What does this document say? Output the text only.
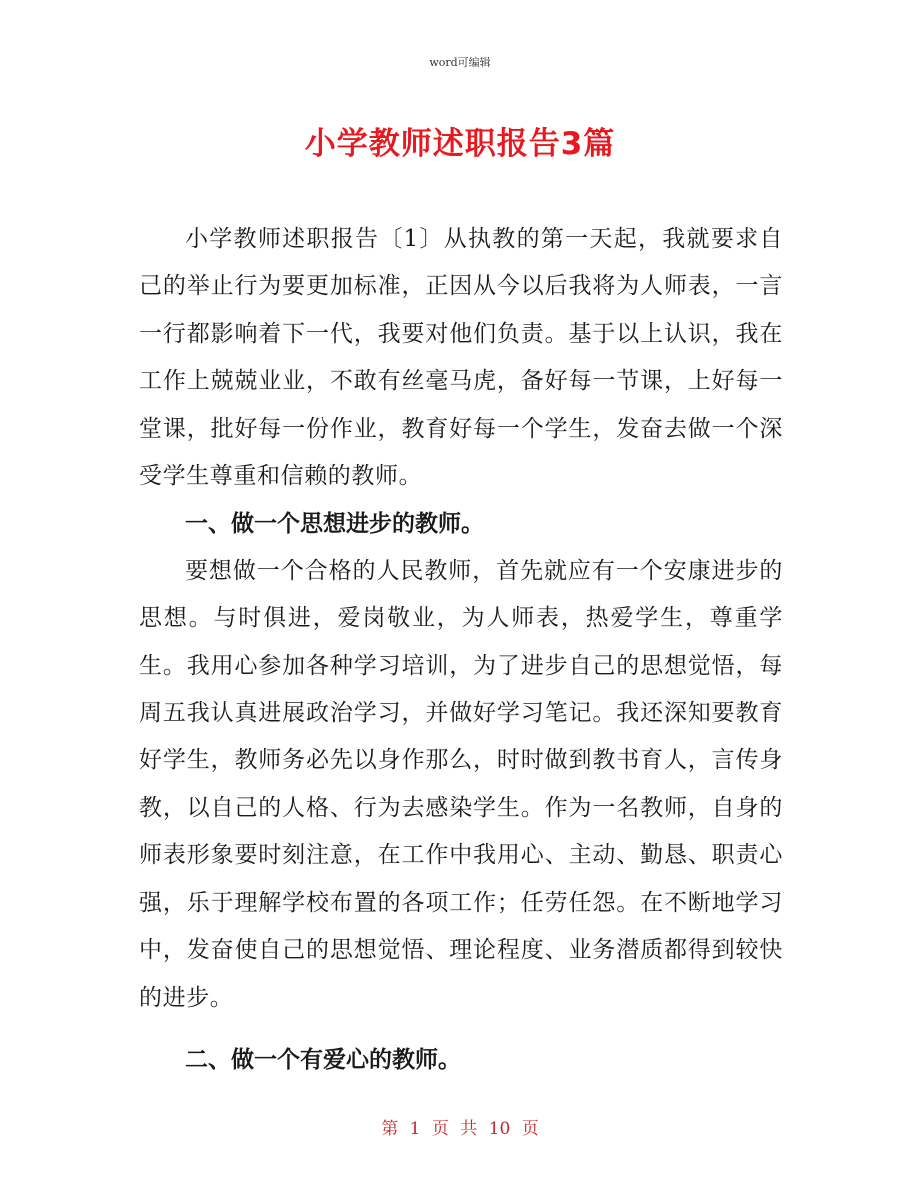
word可编辑
小学教师述职报告3篇

小学教师述职报告〔1〕从执教的第一天起，我就要求自己的举止行为要更加标准，正因从今以后我将为人师表，一言一行都影响着下一代，我要对他们负责。基于以上认识，我在工作上兢兢业业，不敢有丝毫马虎，备好每一节课，上好每一堂课，批好每一份作业，教育好每一个学生，发奋去做一个深受学生尊重和信赖的教师。

一、做一个思想进步的教师。

要想做一个合格的人民教师，首先就应有一个安康进步的思想。与时俱进，爱岗敬业，为人师表，热爱学生，尊重学生。我用心参加各种学习培训，为了进步自己的思想觉悟，每周五我认真进展政治学习，并做好学习笔记。我还深知要教育好学生，教师务必先以身作那么，时时做到教书育人，言传身教，以自己的人格、行为去感染学生。作为一名教师，自身的师表形象要时刻注意，在工作中我用心、主动、勤恳、职责心强，乐于理解学校布置的各项工作；任劳任怨。在不断地学习中，发奋使自己的思想觉悟、理论程度、业务潜质都得到较快的进步。

二、做一个有爱心的教师。

第 1 页 共 10 页
